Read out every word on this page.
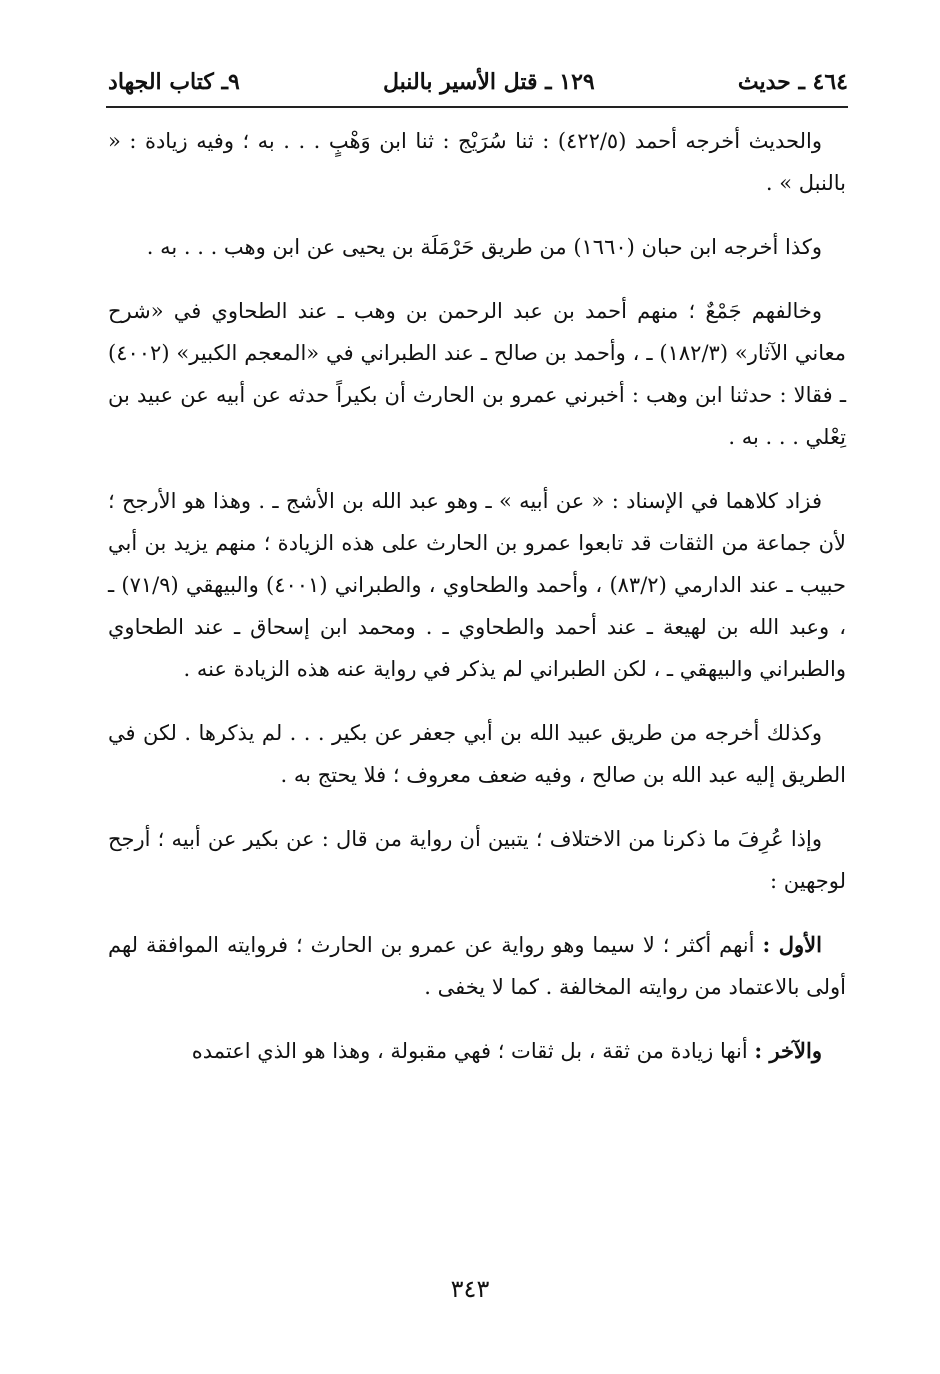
٩ـ كتاب الجهاد	١٢٩ ـ قتل الأسير بالنبل	٤٦٤ ـ حديث

والحديث أخرجه أحمد (٤٢٢/٥) : ثنا سُرَيْج : ثنا ابن وَهْبٍ . . . به ؛ وفيه زيادة : « بالنبل » .

وكذا أخرجه ابن حبان (١٦٦٠) من طريق حَرْمَلَة بن يحيى عن ابن وهب . . . به .

وخالفهم جَمْعٌ ؛ منهم أحمد بن عبد الرحمن بن وهب ـ عند الطحاوي في «شرح معاني الآثار» (١٨٢/٣) ـ ، وأحمد بن صالح ـ عند الطبراني في «المعجم الكبير» (٤٠٠٢) ـ فقالا : حدثنا ابن وهب : أخبرني عمرو بن الحارث أن بكيراً حدثه عن أبيه عن عبيد بن تِعْلي . . . به .

فزاد كلاهما في الإسناد : « عن أبيه » ـ وهو عبد الله بن الأشج ـ . وهذا هو الأرجح ؛ لأن جماعة من الثقات قد تابعوا عمرو بن الحارث على هذه الزيادة ؛ منهم يزيد بن أبي حبيب ـ عند الدارمي (٨٣/٢) ، وأحمد والطحاوي ، والطبراني (٤٠٠١) والبيهقي (٧١/٩) ـ ، وعبد الله بن لهيعة ـ عند أحمد والطحاوي ـ . ومحمد ابن إسحاق ـ عند الطحاوي والطبراني والبيهقي ـ ، لكن الطبراني لم يذكر في رواية عنه هذه الزيادة عنه .

وكذلك أخرجه من طريق عبيد الله بن أبي جعفر عن بكير . . . لم يذكرها . لكن في الطريق إليه عبد الله بن صالح ، وفيه ضعف معروف ؛ فلا يحتج به .

وإذا عُرِفَ ما ذكرنا من الاختلاف ؛ يتبين أن رواية من قال : عن بكير عن أبيه ؛ أرجح لوجهين :

الأول : أنهم أكثر ؛ لا سيما وهو رواية عن عمرو بن الحارث ؛ فروايته الموافقة لهم أولى بالاعتماد من روايته المخالفة . كما لا يخفى .

والآخر : أنها زيادة من ثقة ، بل ثقات ؛ فهي مقبولة ، وهذا هو الذي اعتمده

٣٤٣
